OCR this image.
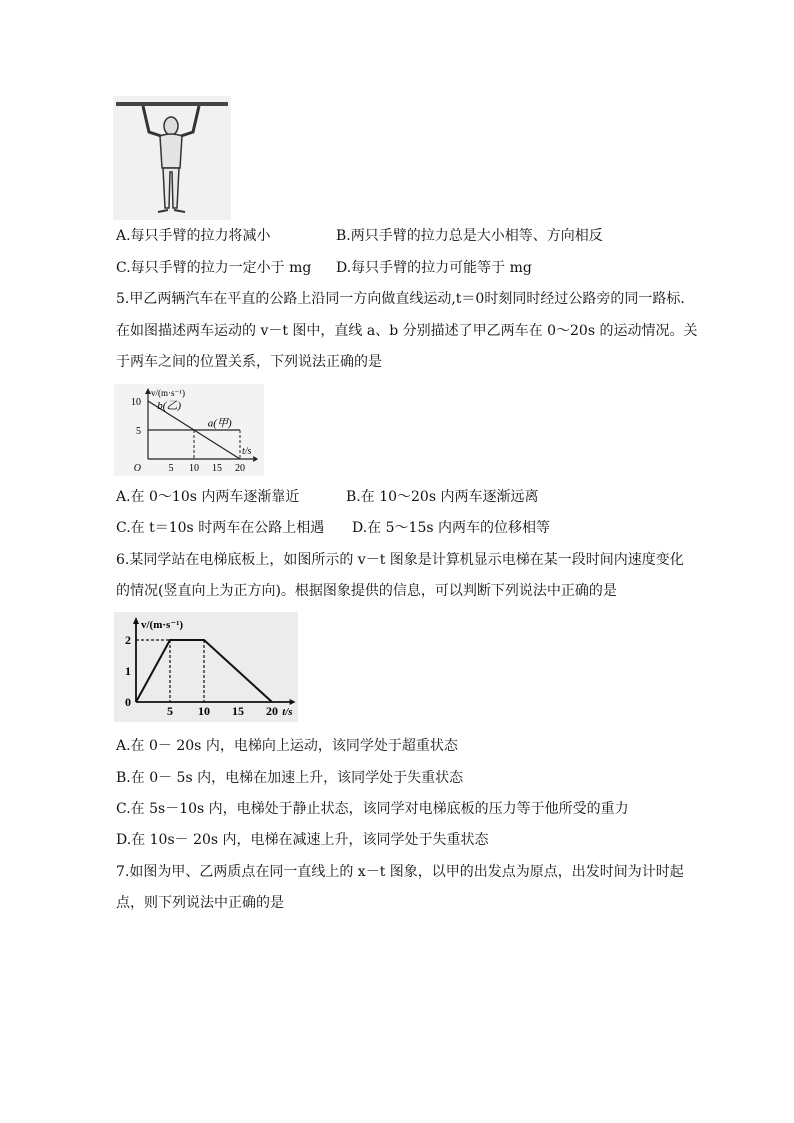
A.每只手臂的拉力将减小	B.两只手臂的拉力总是大小相等、方向相反
C.每只手臂的拉力一定小于 mg D.每只手臂的拉力可能等于 mg
5.甲乙两辆汽车在平直的公路上沿同一方向做直线运动,t＝0时刻同时经过公路旁的同一路标.
在如图描述两车运动的 v－t 图中，直线 a、b 分别描述了甲乙两车在 0～20s 的运动情况。关
于两车之间的位置关系，下列说法正确的是
b(乙)
a(甲)
5 10 15 20
5
10
O
v/(m·s⁻¹)
t/s
A.在 0～10s 内两车逐渐靠近	B.在 10～20s 内两车逐渐远离
C.在 t＝10s 时两车在公路上相遇 D.在 5～15s 内两车的位移相等
6.某同学站在电梯底板上，如图所示的 v－t 图象是计算机显示电梯在某一段时间内速度变化
的情况(竖直向上为正方向)。根据图象提供的信息，可以判断下列说法中正确的是
5 10 15 20
0
1
2
v/(m·s⁻¹)
t/s
A.在 0－ 20s 内，电梯向上运动，该同学处于超重状态
B.在 0－ 5s 内，电梯在加速上升，该同学处于失重状态
C.在 5s－10s 内，电梯处于静止状态，该同学对电梯底板的压力等于他所受的重力
D.在 10s－ 20s 内，电梯在减速上升，该同学处于失重状态
7.如图为甲、乙两质点在同一直线上的 x－t 图象，以甲的出发点为原点，出发时间为计时起
点，则下列说法中正确的是
